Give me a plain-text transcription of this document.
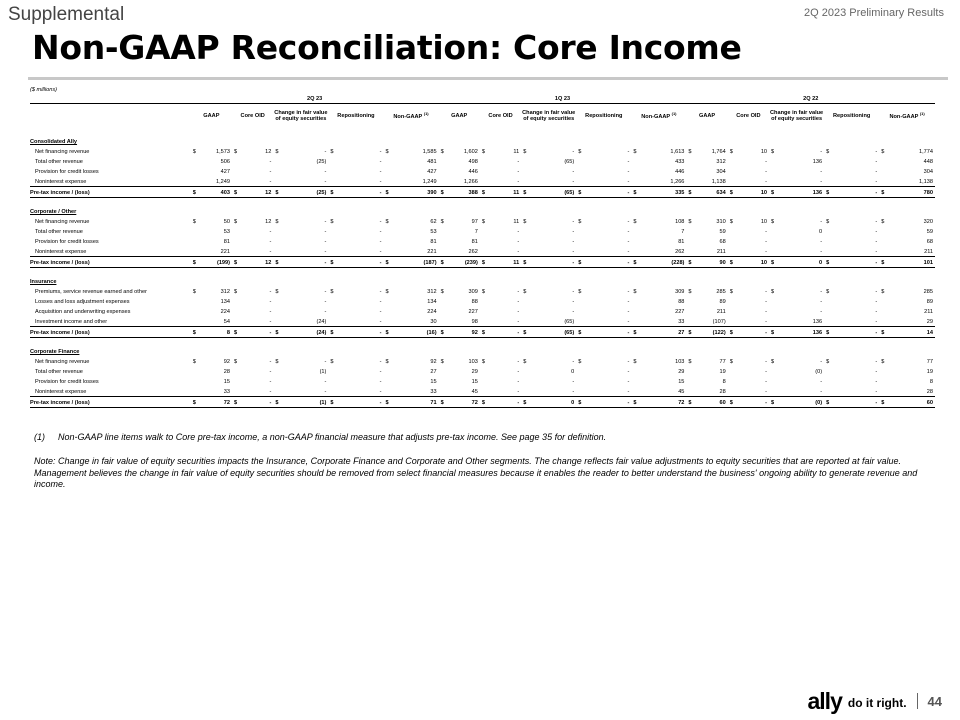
Supplemental	2Q 2023 Preliminary Results
Non-GAAP Reconciliation: Core Income
($ millions)																														
	2Q 23										1Q 23										2Q 22									
	GAAP		Core OID		Change in fair value of equity securities		Repositioning		Non-GAAP $^{(1)}$		GAAP		Core OID		Change in fair value of equity securities		Repositioning		Non-GAAP $^{(1)}$		GAAP		Core OID		Change in fair value of equity securities		Repositioning		Non-GAAP $^{(1)}$

Consolidated Ally																														
Net financing revenue	$	1,573	$	12	$	-	$	-	$	1,585	$	1,602	$	11	$	-	$	-	$	1,613	$	1,764	$	10	$	-	$	-	$	1,774
Total other revenue		506		-		(25)		-		481		498		-		(65)		-		433		312		-		136		-		448
Provision for credit losses		427		-		-		-		427		446		-		-		-		446		304		-		-		-		304
Noninterest expense		1,249		-		-		-		1,249		1,266		-		-		-		1,266		1,138		-		-		-		1,138
Pre-tax income / (loss)	$	403	$	12	$	(25)	$	-	$	390	$	388	$	11	$	(65)	$	-	$	335	$	634	$	10	$	136	$	-	$	780

Corporate / Other																														
Net financing revenue	$	50	$	12	$	-	$	-	$	62	$	97	$	11	$	-	$	-	$	108	$	310	$	10	$	-	$	-	$	320
Total other revenue		53		-		-		-		53		7		-		-		-		7		59		-		0		-		59
Provision for credit losses		81		-		-		-		81		81		-		-		-		81		68		-		-		-		68
Noninterest expense		221		-		-		-		221		262		-		-		-		262		211		-		-		-		211
Pre-tax income / (loss)	$	(199)	$	12	$	-	$	-	$	(187)	$	(239)	$	11	$	-	$	-	$	(228)	$	90	$	10	$	0	$	-	$	101

Insurance																														
Premiums, service revenue earned and other	$	312	$	-	$	-	$	-	$	312	$	309	$	-	$	-	$	-	$	309	$	285	$	-	$	-	$	-	$	285
Losses and loss adjustment expenses		134		-		-		-		134		88		-		-		-		88		89		-		-		-		89
Acquisition and underwriting expenses		224		-		-		-		224		227		-		-		-		227		211		-		-		-		211
Investment income and other		54		-		(24)		-		30		98		-		(65)		-		33		(107)		-		136		-		29
Pre-tax income / (loss)	$	8	$	-	$	(24)	$	-	$	(16)	$	92	$	-	$	(65)	$	-	$	27	$	(122)	$	-	$	136	$	-	$	14

Corporate Finance																														
Net financing revenue	$	92	$	-	$	-	$	-	$	92	$	103	$	-	$	-	$	-	$	103	$	77	$	-	$	-	$	-	$	77
Total other revenue		28		-		(1)		-		27		29		-		0		-		29		19		-		(0)		-		19
Provision for credit losses		15		-		-		-		15		15		-		-		-		15		8		-		-		-		8
Noninterest expense		33		-		-		-		33		45		-		-		-		45		28		-		-		-		28
Pre-tax income / (loss)	$	72	$	-	$	(1)	$	-	$	71	$	72	$	-	$	0	$	-	$	72	$	60	$	-	$	(0)	$	-	$	60

(1) Non-GAAP line items walk to Core pre-tax income, a non-GAAP financial measure that adjusts pre-tax income. See page 35 for definition.

Note: Change in fair value of equity securities impacts the Insurance, Corporate Finance and Corporate and Other segments. The change reflects fair value adjustments to equity securities that are reported at fair value. Management believes the change in fair value of equity securities should be removed from select financial measures because it enables the reader to better understand the business' ongoing ability to generate revenue and income.

ally do it right. 44
